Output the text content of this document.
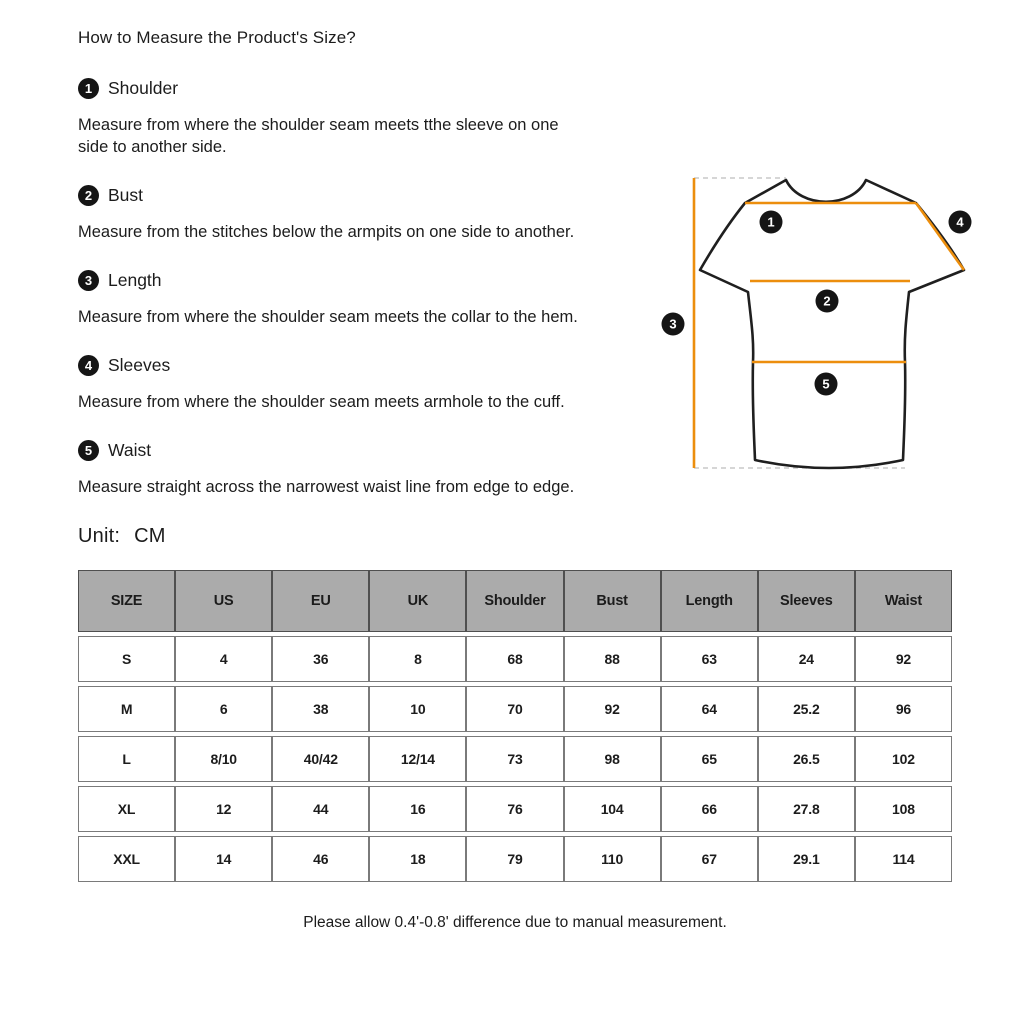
How to Measure the Product's Size?
1 Shoulder

Measure from where the shoulder seam meets tthe sleeve on one side to another side.

2 Bust

Measure from the stitches below the armpits on one side to another.

3 Length

Measure from where the shoulder seam meets the collar to the hem.

4 Sleeves

Measure from where the shoulder seam meets armhole to the cuff.

5 Waist

Measure straight across the narrowest waist line from edge to edge.

Unit: CM
SIZE	US	EU	UK	Shoulder	Bust	Length	Sleeves	Waist
S	4	36	8	68	88	63	24	92
M	6	38	10	70	92	64	25.2	96
L	8/10	40/42	12/14	73	98	65	26.5	102
XL	12	44	16	76	104	66	27.8	108
XXL	14	46	18	79	110	67	29.1	114
Please allow 0.4'-0.8' difference due to manual measurement.
1
2
3
4
5
